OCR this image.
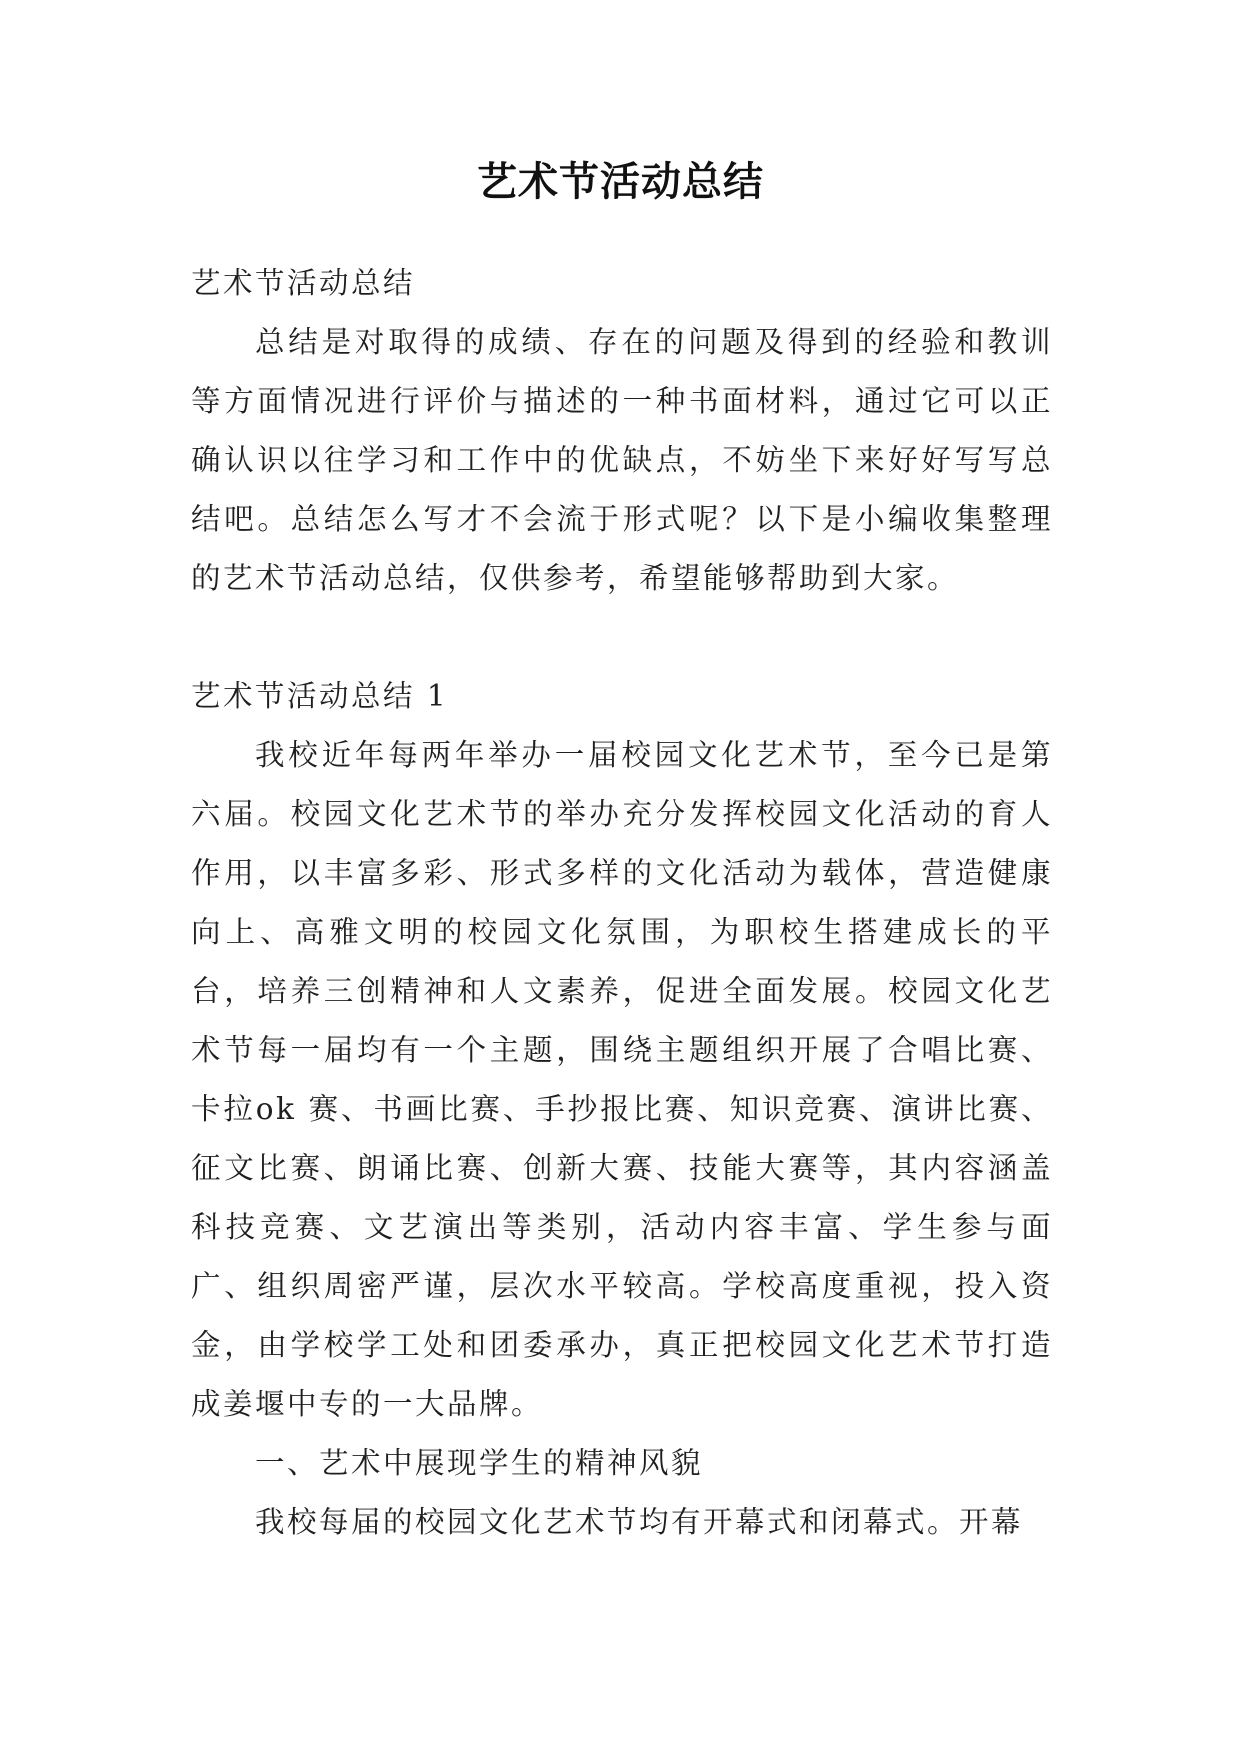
艺术节活动总结

艺术节活动总结

总结是对取得的成绩、存在的问题及得到的经验和教训等方面情况进行评价与描述的一种书面材料，通过它可以正确认识以往学习和工作中的优缺点，不妨坐下来好好写写总结吧。总结怎么写才不会流于形式呢？以下是小编收集整理的艺术节活动总结，仅供参考，希望能够帮助到大家。

艺术节活动总结 1

我校近年每两年举办一届校园文化艺术节，至今已是第六届。校园文化艺术节的举办充分发挥校园文化活动的育人作用，以丰富多彩、形式多样的文化活动为载体，营造健康向上、高雅文明的校园文化氛围，为职校生搭建成长的平台，培养三创精神和人文素养，促进全面发展。校园文化艺术节每一届均有一个主题，围绕主题组织开展了合唱比赛、卡拉ok 赛、书画比赛、手抄报比赛、知识竞赛、演讲比赛、征文比赛、朗诵比赛、创新大赛、技能大赛等，其内容涵盖科技竞赛、文艺演出等类别，活动内容丰富、学生参与面广、组织周密严谨，层次水平较高。学校高度重视，投入资金，由学校学工处和团委承办，真正把校园文化艺术节打造成姜堰中专的一大品牌。

一、艺术中展现学生的精神风貌

我校每届的校园文化艺术节均有开幕式和闭幕式。开幕
